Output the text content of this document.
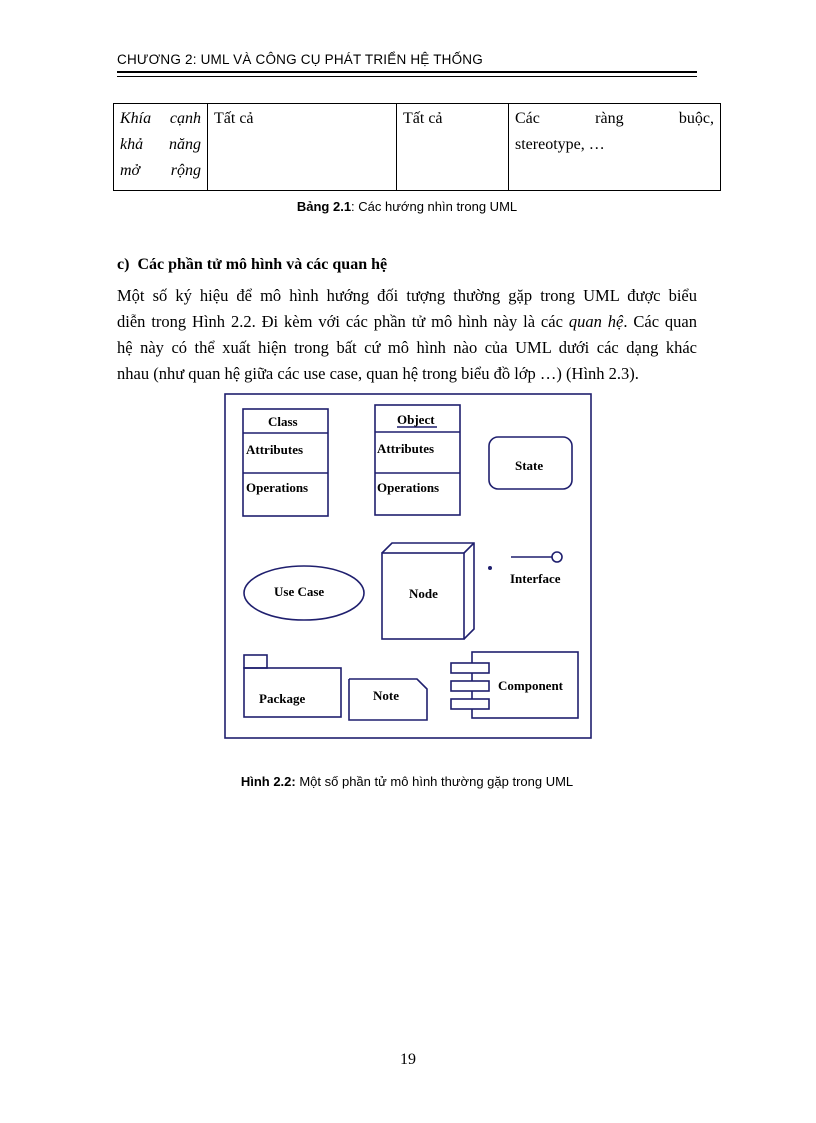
CHƯƠNG 2: UML VÀ CÔNG CỤ PHÁT TRIỂN HỆ THỐNG
Khía cạnh khả năng mở rộng	Tất cả	Tất cả	Các ràng buộc,
stereotype, …
Bảng 2.1: Các hướng nhìn trong UML
c) Các phần tử mô hình và các quan hệ
Một số ký hiệu để mô hình hướng đối tượng thường gặp trong UML được biểu
diễn trong Hình 2.2. Đi kèm với các phần tử mô hình này là các quan hệ. Các quan
hệ này có thể xuất hiện trong bất cứ mô hình nào của UML dưới các dạng khác
nhau (như quan hệ giữa các use case, quan hệ trong biểu đồ lớp …) (Hình 2.3).
Class
Attributes
Operations
Object
Attributes
Operations
State
Use Case	Node
Interface
Package	Note
Component
Hình 2.2: Một số phần tử mô hình thường gặp trong UML
19
